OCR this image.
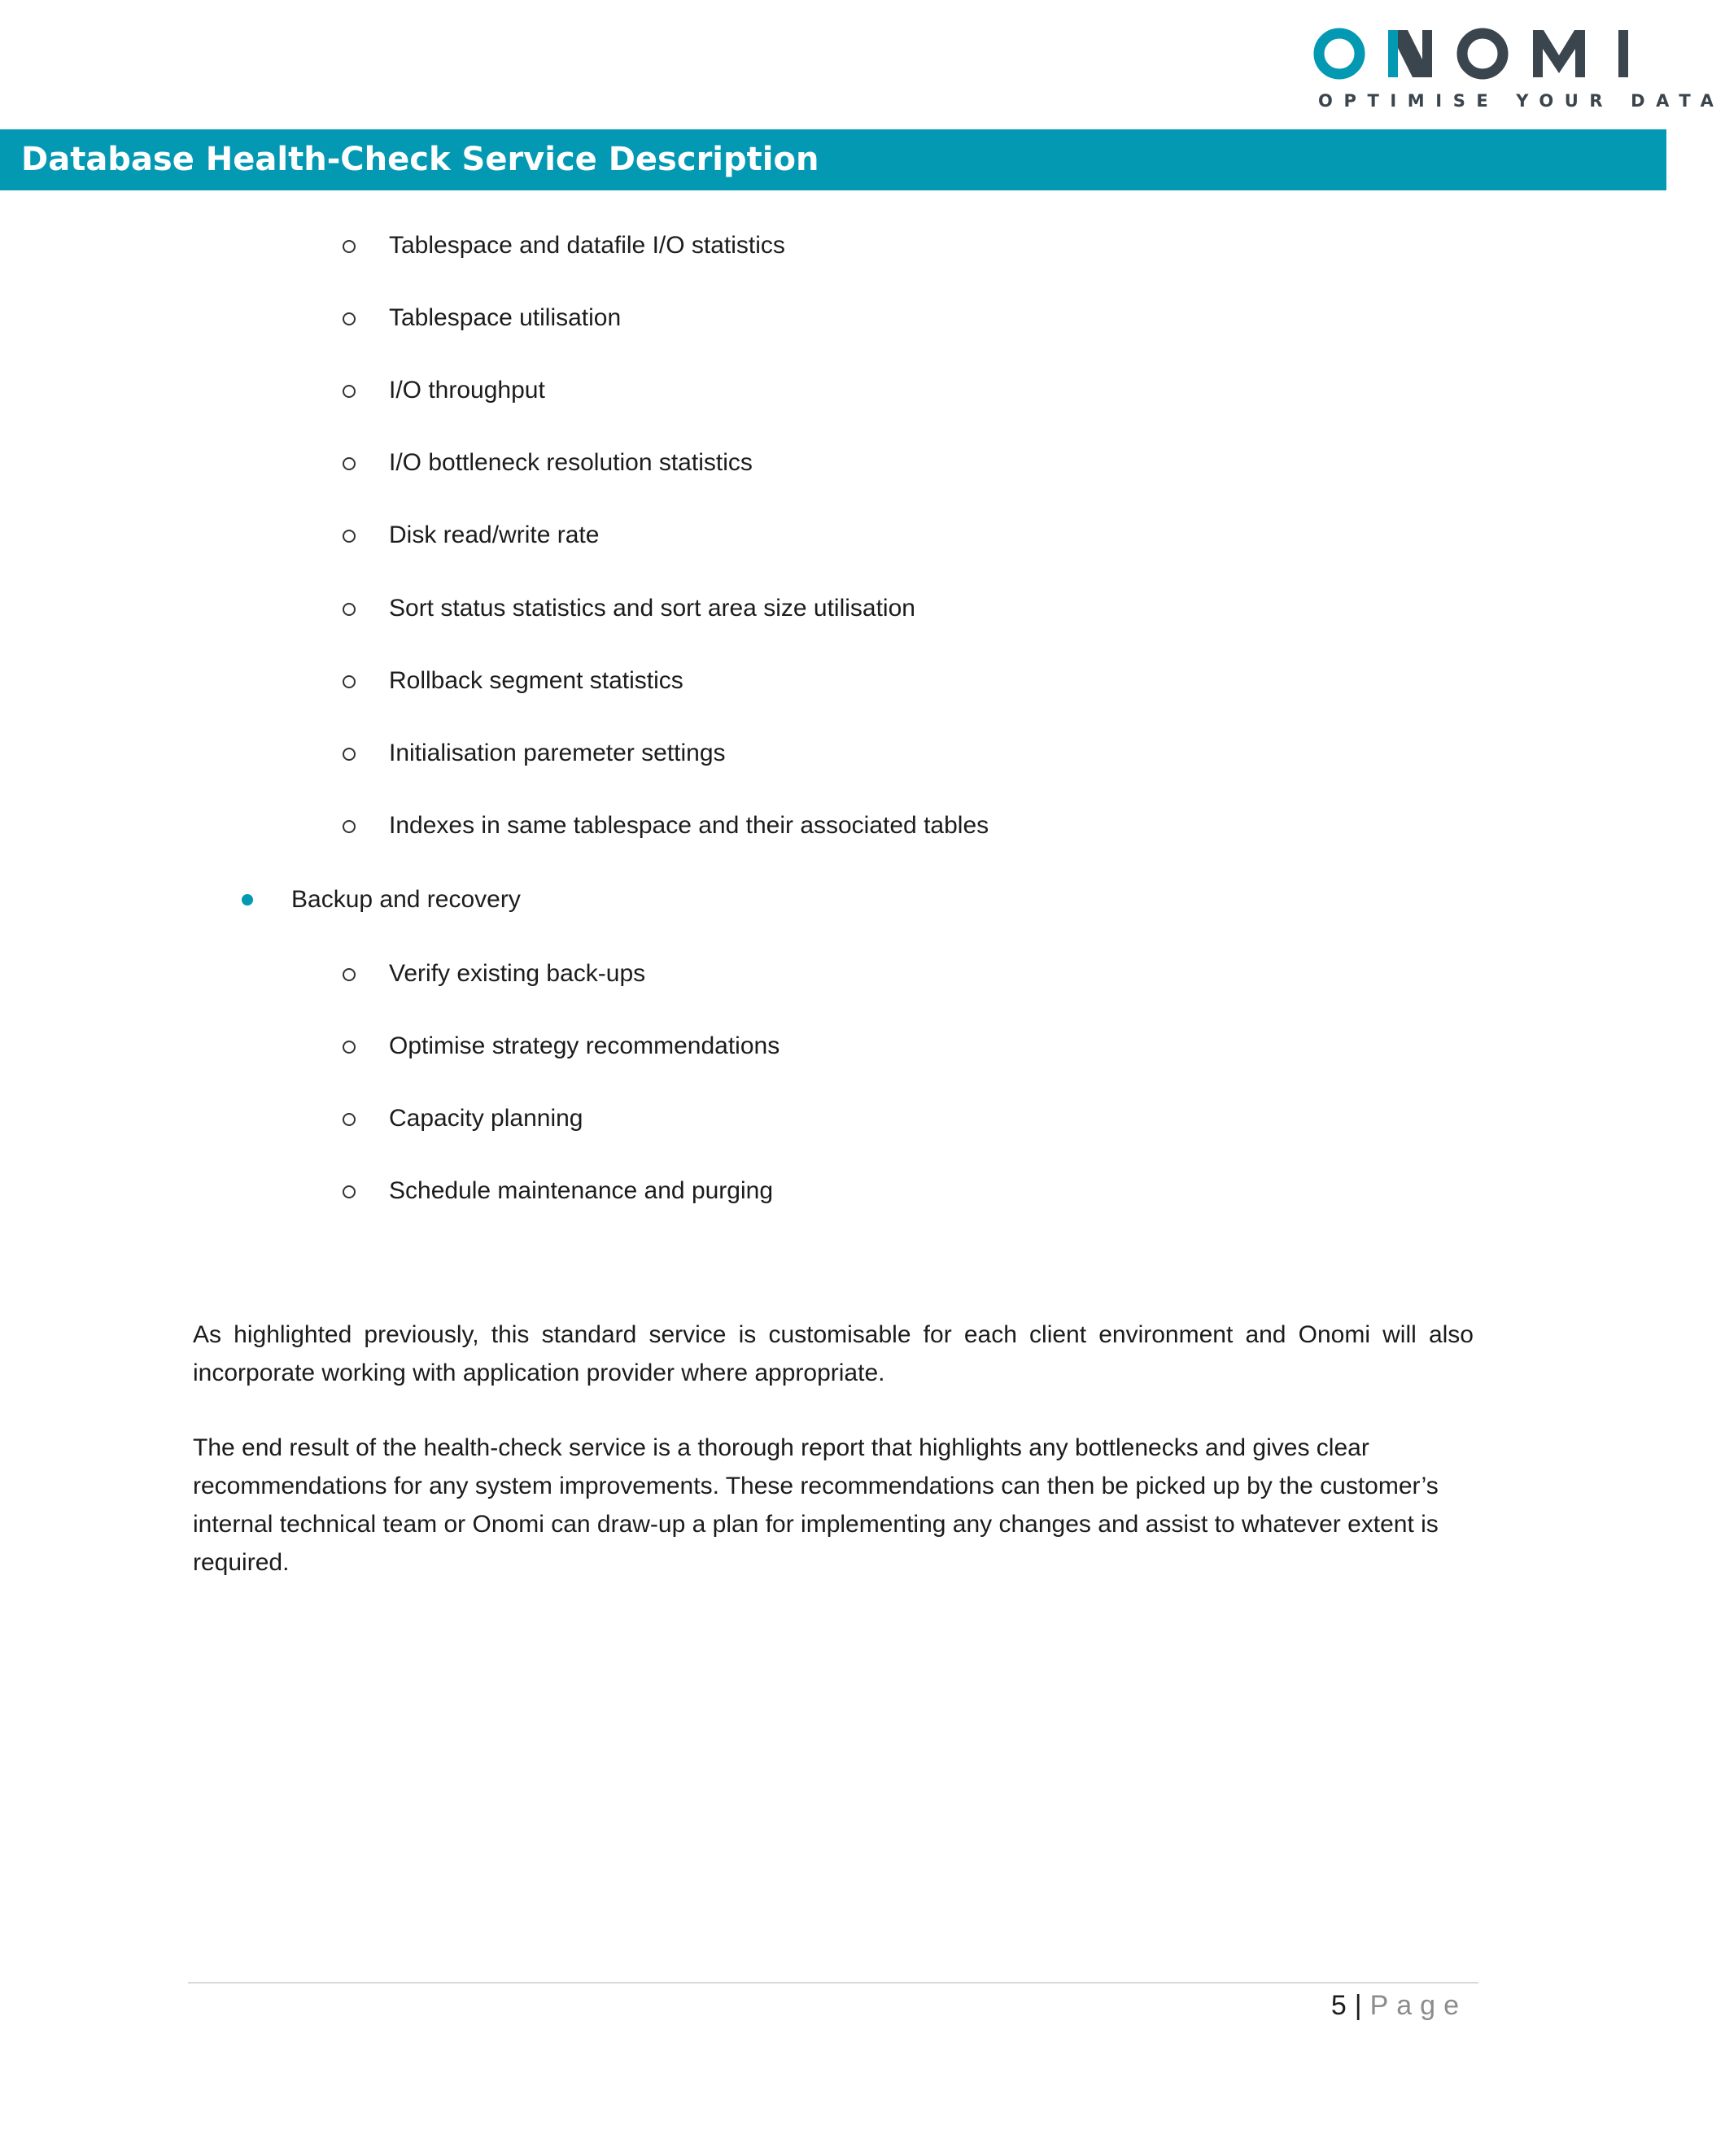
OPTIMISE YOUR DATA
Database Health-Check Service Description
Tablespace and datafile I/O statistics
Tablespace utilisation
I/O throughput
I/O bottleneck resolution statistics
Disk read/write rate
Sort status statistics and sort area size utilisation
Rollback segment statistics
Initialisation paremeter settings
Indexes in same tablespace and their associated tables
Backup and recovery
Verify existing back-ups
Optimise strategy recommendations
Capacity planning
Schedule maintenance and purging

As highlighted previously, this standard service is customisable for each client environment and Onomi will also incorporate working with application provider where appropriate.

The end result of the health-check service is a thorough report that highlights any bottlenecks and gives clear recommendations for any system improvements. These recommendations can then be picked up by the customer’s internal technical team or Onomi can draw-up a plan for implementing any changes and assist to whatever extent is required.

5 | Page
